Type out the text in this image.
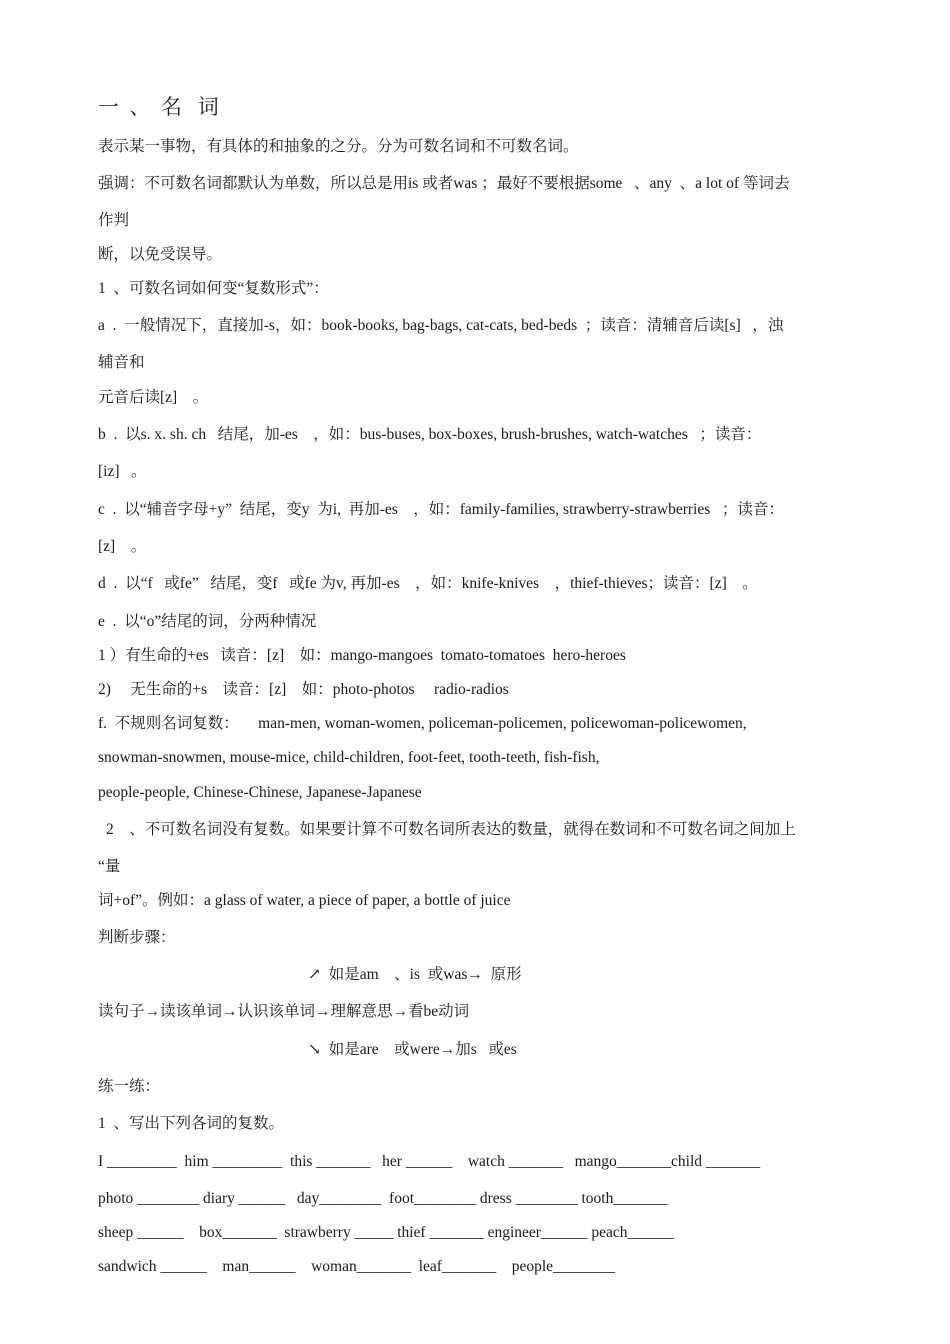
一  、  名   词
表示某一事物，有具体的和抽象的之分。分为可数名词和不可数名词。
强调：不可数名词都默认为单数，所以总是用is 或者was ；最好不要根据some   、any  、a lot of 等词去
作判
断，以免受误导。
1  、可数名词如何变“复数形式”：
a  .  一般情况下，直接加-s，如：book-books, bag-bags, cat-cats, bed-beds  ；读音：清辅音后读[s]   ，浊
辅音和
元音后读[z]    。
b  .  以s. x. sh. ch   结尾，加-es    ，如：bus-buses, box-boxes, brush-brushes, watch-watches   ；读音：
[iz]   。
c  .  以“辅音字母+y”  结尾，变y  为i,  再加-es    ，如：family-families, strawberry-strawberries   ；读音：
[z]    。
d  .  以“f   或fe”   结尾，变f   或fe 为v, 再加-es    ，如：knife-knives    ，thief-thieves；读音：[z]    。
e  .  以“o”结尾的词，分两种情况
1 ）有生命的+es   读音：[z]    如：mango-mangoes  tomato-tomatoes  hero-heroes
2)     无生命的+s    读音：[z]    如：photo-photos     radio-radios
f.  不规则名词复数：     man-men, woman-women, policeman-policemen, policewoman-policewomen,
snowman-snowmen, mouse-mice, child-children, foot-feet, tooth-teeth, fish-fish,
people-people, Chinese-Chinese, Japanese-Japanese
2    、不可数名词没有复数。如果要计算不可数名词所表达的数量，就得在数词和不可数名词之间加上
“量
词+of”。例如：a glass of water, a piece of paper, a bottle of juice
判断步骤：
↗  如是am    、is  或was→  原形
读句子→读该单词→认识该单词→理解意思→看be动词
↘  如是are    或were→加s   或es
练一练：
1  、写出下列各词的复数。
I _________  him _________  this _______   her ______    watch _______   mango_______child _______
photo ________ diary ______   day________  foot________ dress ________ tooth_______
sheep ______    box_______  strawberry _____ thief _______ engineer______ peach______
sandwich ______    man______    woman_______  leaf_______    people________
